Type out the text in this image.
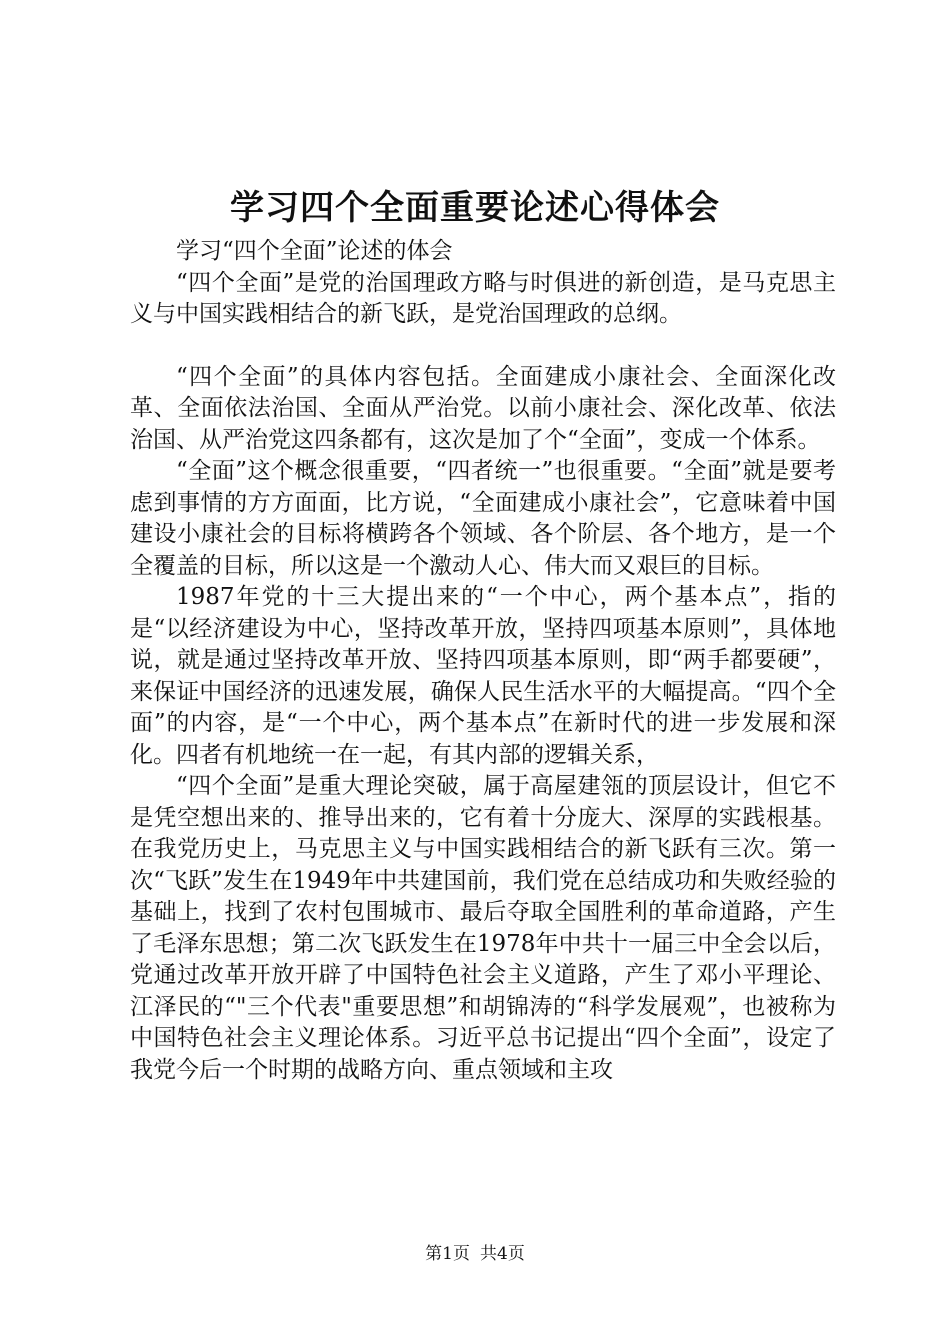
学习四个全面重要论述心得体会

学习“四个全面”论述的体会

“四个全面”是党的治国理政方略与时俱进的新创造，是马克思主义与中国实践相结合的新飞跃，是党治国理政的总纲。

“四个全面”的具体内容包括。全面建成小康社会、全面深化改革、全面依法治国、全面从严治党。以前小康社会、深化改革、依法治国、从严治党这四条都有，这次是加了个“全面”，变成一个体系。

“全面”这个概念很重要，“四者统一”也很重要。“全面”就是要考虑到事情的方方面面，比方说，“全面建成小康社会”，它意味着中国建设小康社会的目标将横跨各个领域、各个阶层、各个地方，是一个全覆盖的目标，所以这是一个激动人心、伟大而又艰巨的目标。

1987年党的十三大提出来的“一个中心，两个基本点”，指的是“以经济建设为中心，坚持改革开放，坚持四项基本原则”，具体地说，就是通过坚持改革开放、坚持四项基本原则，即“两手都要硬”，来保证中国经济的迅速发展，确保人民生活水平的大幅提高。“四个全面”的内容，是“一个中心，两个基本点”在新时代的进一步发展和深化。四者有机地统一在一起，有其内部的逻辑关系，

“四个全面”是重大理论突破，属于高屋建瓴的顶层设计，但它不是凭空想出来的、推导出来的，它有着十分庞大、深厚的实践根基。在我党历史上，马克思主义与中国实践相结合的新飞跃有三次。第一次“飞跃”发生在1949年中共建国前，我们党在总结成功和失败经验的基础上，找到了农村包围城市、最后夺取全国胜利的革命道路，产生了毛泽东思想；第二次飞跃发生在1978年中共十一届三中全会以后，党通过改革开放开辟了中国特色社会主义道路，产生了邓小平理论、江泽民的“"三个代表"重要思想”和胡锦涛的“科学发展观”，也被称为中国特色社会主义理论体系。习近平总书记提出“四个全面”，设定了我党今后一个时期的战略方向、重点领域和主攻

第1页 共4页
